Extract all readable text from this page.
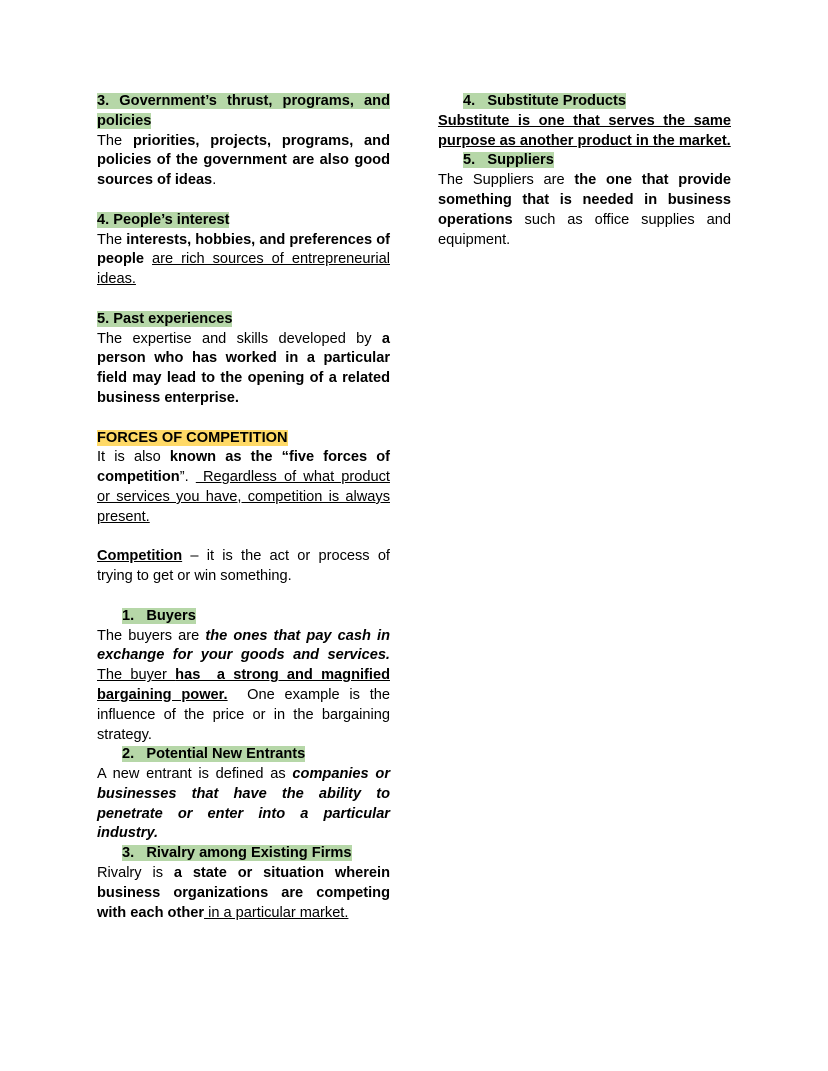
3. Government’s thrust, programs, and policies

The priorities, projects, programs, and policies of the government are also good sources of ideas.

4. People’s interest

The interests, hobbies, and preferences of people are rich sources of entrepreneurial ideas.

5. Past experiences

The expertise and skills developed by a person who has worked in a particular field may lead to the opening of a related business enterprise.

FORCES OF COMPETITION

It is also known as the “five forces of competition”.  Regardless of what product or services you have, competition is always present.

Competition – it is the act or process of trying to get or win something.

1.   Buyers

The buyers are the ones that pay cash in exchange for your goods and services. The buyer has  a strong and magnified bargaining power.  One example is the influence of the price or in the bargaining strategy.

2.   Potential New Entrants

A new entrant is defined as companies or businesses that have the ability to penetrate or enter into a particular industry.

3.   Rivalry among Existing Firms

Rivalry is a state or situation wherein business organizations are competing with each other in a particular market.

4.   Substitute Products

Substitute is one that serves the same purpose as another product in the market.

5.   Suppliers

The Suppliers are the one that provide something that is needed in business operations such as office supplies and equipment.
